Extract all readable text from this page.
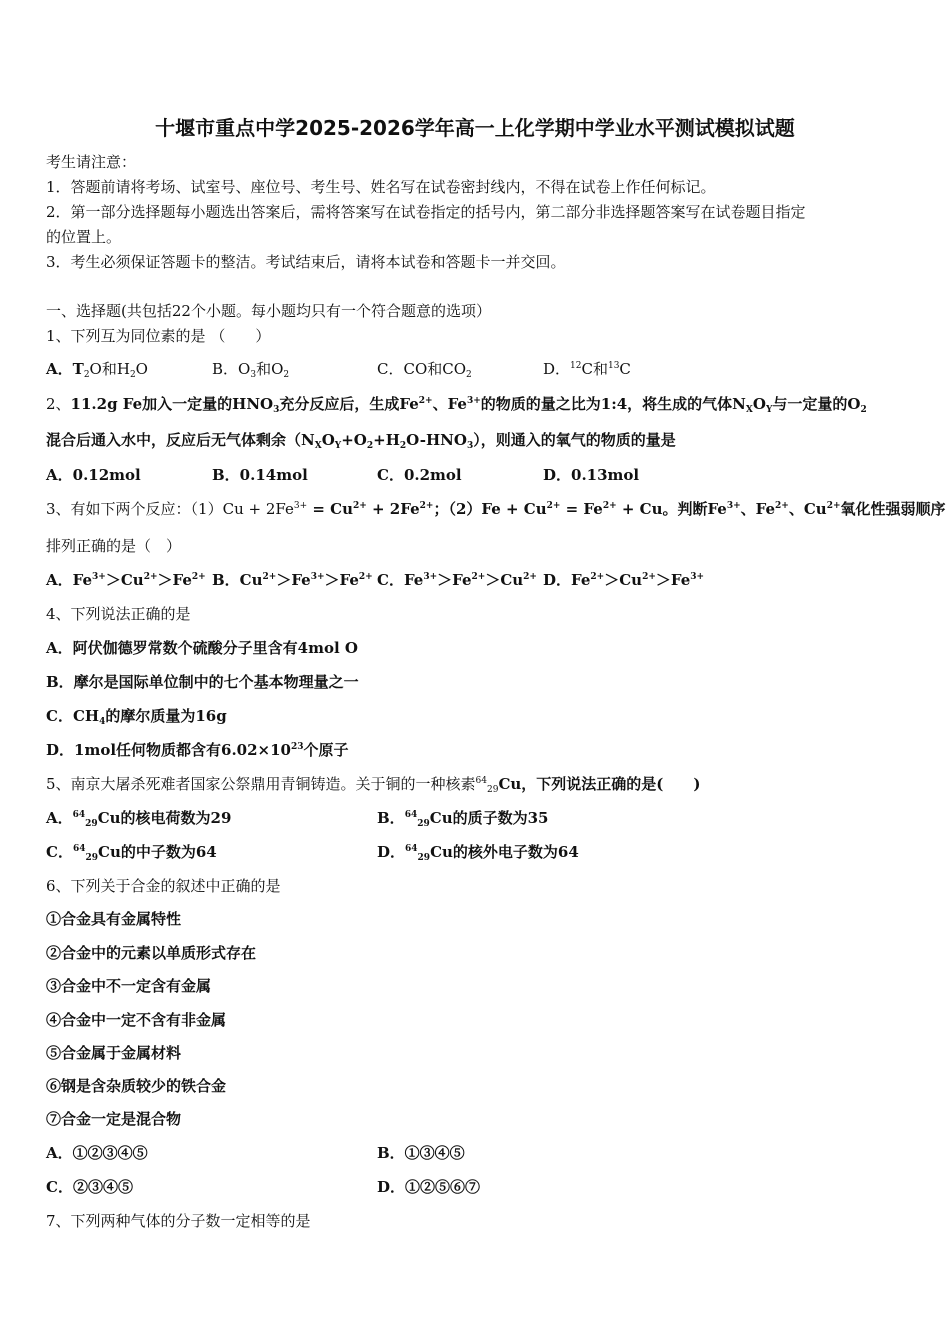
十堰市重点中学2025-2026学年高一上化学期中学业水平测试模拟试题
考生请注意：
1．答题前请将考场、试室号、座位号、考生号、姓名写在试卷密封线内，不得在试卷上作任何标记。
2．第一部分选择题每小题选出答案后，需将答案写在试卷指定的括号内，第二部分非选择题答案写在试卷题目指定
的位置上。
3．考生必须保证答题卡的整洁。考试结束后，请将本试卷和答题卡一并交回。
一、选择题(共包括22个小题。每小题均只有一个符合题意的选项）
1、下列互为同位素的是 （　　）
A．$T_2O$和$H_2O$	B．$O_3$和$O_2$	C．CO和$CO_2$	D．$^{12}$C和$^{13}$C
2、11.2g Fe加入一定量的$HNO_3$充分反应后，生成$Fe^{2+}$、$Fe^{3+}$的物质的量之比为1:4，将生成的气体$N_XO_Y$与一定量的$O_2$
混合后通入水中，反应后无气体剩余$(N_XO_Y+O_2+H_2O-HNO_3)$，则通入的氧气的物质的量是
A．0.12mol	B．0.14mol	C．0.2mol	D．0.13mol
3、有如下两个反应：$(1)Cu + 2Fe^{3+} = Cu^{2+} + 2Fe^{2+}$；$(2)Fe + Cu^{2+} = Fe^{2+} + Cu$。判断$Fe^{3+}$、$Fe^{2+}$、$Cu^{2+}$氧化性强弱顺序
排列正确的是（　）
A．$Fe^{3+}>Cu^{2+}>Fe^{2+}$ B．$Cu^{2+}>Fe^{3+}>Fe^{2+}$ C．$Fe^{3+}>Fe^{2+}>Cu^{2+}$ D．$Fe^{2+}>Cu^{2+}>Fe^{3+}$
4、下列说法正确的是
A．阿伏伽德罗常数个硫酸分子里含有4mol O
B．摩尔是国际单位制中的七个基本物理量之一
C．$CH_4$的摩尔质量为16g
D．1mol任何物质都含有$6.02\times 10^{23}$个原子
5、南京大屠杀死难者国家公祭鼎用青铜铸造。关于铜的一种核素$^{64}_{29}$Cu，下列说法正确的是(　　)
A．$^{64}_{29}$Cu的核电荷数为29	B．$^{64}_{29}$Cu的质子数为35
C．$^{64}_{29}$Cu的中子数为64	D．$^{64}_{29}$Cu的核外电子数为64
6、下列关于合金的叙述中正确的是
①合金具有金属特性
②合金中的元素以单质形式存在
③合金中不一定含有金属
④合金中一定不含有非金属
⑤合金属于金属材料
⑥钢是含杂质较少的铁合金
⑦合金一定是混合物
A．①②③④⑤	B．①③④⑤
C．②③④⑤	D．①②⑤⑥⑦
7、下列两种气体的分子数一定相等的是
